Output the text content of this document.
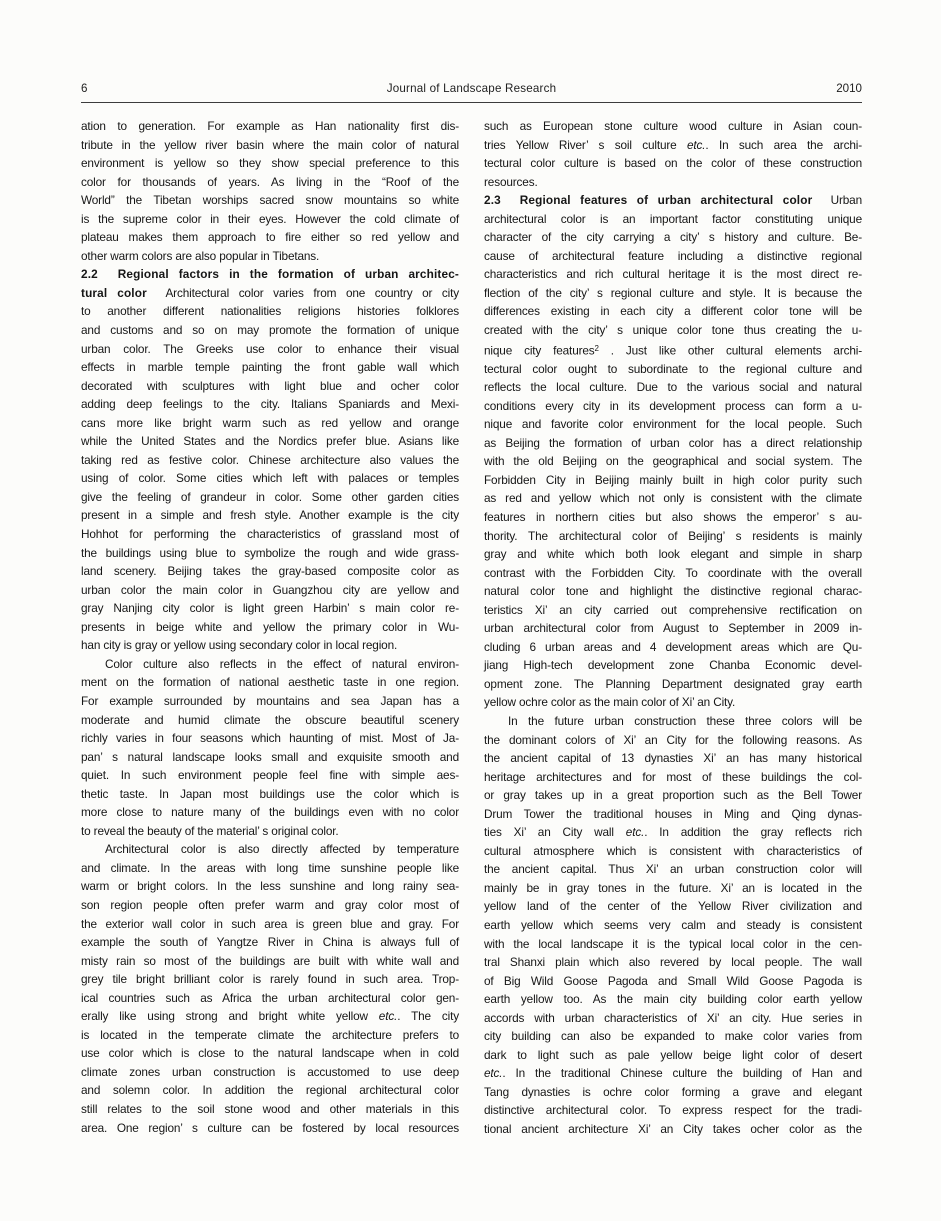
6	Journal of Landscape Research	2010
ation to generation. For example as Han nationality first dis-
tribute in the yellow river basin where the main color of natural
environment is yellow so they show special preference to this
color for thousands of years. As living in the “Roof of the
World” the Tibetan worships sacred snow mountains so white
is the supreme color in their eyes. However the cold climate of
plateau makes them approach to fire either so red yellow and
other warm colors are also popular in Tibetans.
2.2  Regional factors in the formation of urban architec-
tural color  Architectural color varies from one country or city
to another different nationalities religions histories folklores
and customs and so on may promote the formation of unique
urban color. The Greeks use color to enhance their visual
effects in marble temple painting the front gable wall which
decorated with sculptures with light blue and ocher color
adding deep feelings to the city. Italians Spaniards and Mexi-
cans more like bright warm such as red yellow and orange
while the United States and the Nordics prefer blue. Asians like
taking red as festive color. Chinese architecture also values the
using of color. Some cities which left with palaces or temples
give the feeling of grandeur in color. Some other garden cities
present in a simple and fresh style. Another example is the city
Hohhot for performing the characteristics of grassland most of
the buildings using blue to symbolize the rough and wide grass-
land scenery. Beijing takes the gray-based composite color as
urban color the main color in Guangzhou city are yellow and
gray Nanjing city color is light green Harbin’ s main color re-
presents in beige white and yellow the primary color in Wu-
han city is gray or yellow using secondary color in local region.
Color culture also reflects in the effect of natural environ-
ment on the formation of national aesthetic taste in one region.
For example surrounded by mountains and sea Japan has a
moderate and humid climate the obscure beautiful scenery
richly varies in four seasons which haunting of mist. Most of Ja-
pan’ s natural landscape looks small and exquisite smooth and
quiet. In such environment people feel fine with simple aes-
thetic taste. In Japan most buildings use the color which is
more close to nature many of the buildings even with no color
to reveal the beauty of the material’ s original color.
Architectural color is also directly affected by temperature
and climate. In the areas with long time sunshine people like
warm or bright colors. In the less sunshine and long rainy sea-
son region people often prefer warm and gray color most of
the exterior wall color in such area is green blue and gray. For
example the south of Yangtze River in China is always full of
misty rain so most of the buildings are built with white wall and
grey tile bright brilliant color is rarely found in such area. Trop-
ical countries such as Africa the urban architectural color gen-
erally like using strong and bright white yellow etc.. The city
is located in the temperate climate the architecture prefers to
use color which is close to the natural landscape when in cold
climate zones urban construction is accustomed to use deep
and solemn color. In addition the regional architectural color
still relates to the soil stone wood and other materials in this
area. One region’ s culture can be fostered by local resources
such as European stone culture wood culture in Asian coun-
tries Yellow River’ s soil culture etc.. In such area the archi-
tectural color culture is based on the color of these construction
resources.
2.3  Regional features of urban architectural color  Urban
architectural color is an important factor constituting unique
character of the city carrying a city’ s history and culture. Be-
cause of architectural feature including a distinctive regional
characteristics and rich cultural heritage it is the most direct re-
flection of the city’ s regional culture and style. It is because the
differences existing in each city a different color tone will be
created with the city’ s unique color tone thus creating the u-
nique city features$^2$ . Just like other cultural elements archi-
tectural color ought to subordinate to the regional culture and
reflects the local culture. Due to the various social and natural
conditions every city in its development process can form a u-
nique and favorite color environment for the local people. Such
as Beijing the formation of urban color has a direct relationship
with the old Beijing on the geographical and social system. The
Forbidden City in Beijing mainly built in high color purity such
as red and yellow which not only is consistent with the climate
features in northern cities but also shows the emperor’ s au-
thority. The architectural color of Beijing’ s residents is mainly
gray and white which both look elegant and simple in sharp
contrast with the Forbidden City. To coordinate with the overall
natural color tone and highlight the distinctive regional charac-
teristics Xi’ an city carried out comprehensive rectification on
urban architectural color from August to September in 2009 in-
cluding 6 urban areas and 4 development areas which are Qu-
jiang High-tech development zone Chanba Economic devel-
opment zone. The Planning Department designated gray earth
yellow ochre color as the main color of Xi’ an City.
In the future urban construction these three colors will be
the dominant colors of Xi’ an City for the following reasons. As
the ancient capital of 13 dynasties Xi’ an has many historical
heritage architectures and for most of these buildings the col-
or gray takes up in a great proportion such as the Bell Tower
Drum Tower the traditional houses in Ming and Qing dynas-
ties Xi’ an City wall etc.. In addition the gray reflects rich
cultural atmosphere which is consistent with characteristics of
the ancient capital. Thus Xi’ an urban construction color will
mainly be in gray tones in the future. Xi’ an is located in the
yellow land of the center of the Yellow River civilization and
earth yellow which seems very calm and steady is consistent
with the local landscape it is the typical local color in the cen-
tral Shanxi plain which also revered by local people. The wall
of Big Wild Goose Pagoda and Small Wild Goose Pagoda is
earth yellow too. As the main city building color earth yellow
accords with urban characteristics of Xi’ an city. Hue series in
city building can also be expanded to make color varies from
dark to light such as pale yellow beige light color of desert
etc.. In the traditional Chinese culture the building of Han and
Tang dynasties is ochre color forming a grave and elegant
distinctive architectural color. To express respect for the tradi-
tional ancient architecture Xi’ an City takes ocher color as the
